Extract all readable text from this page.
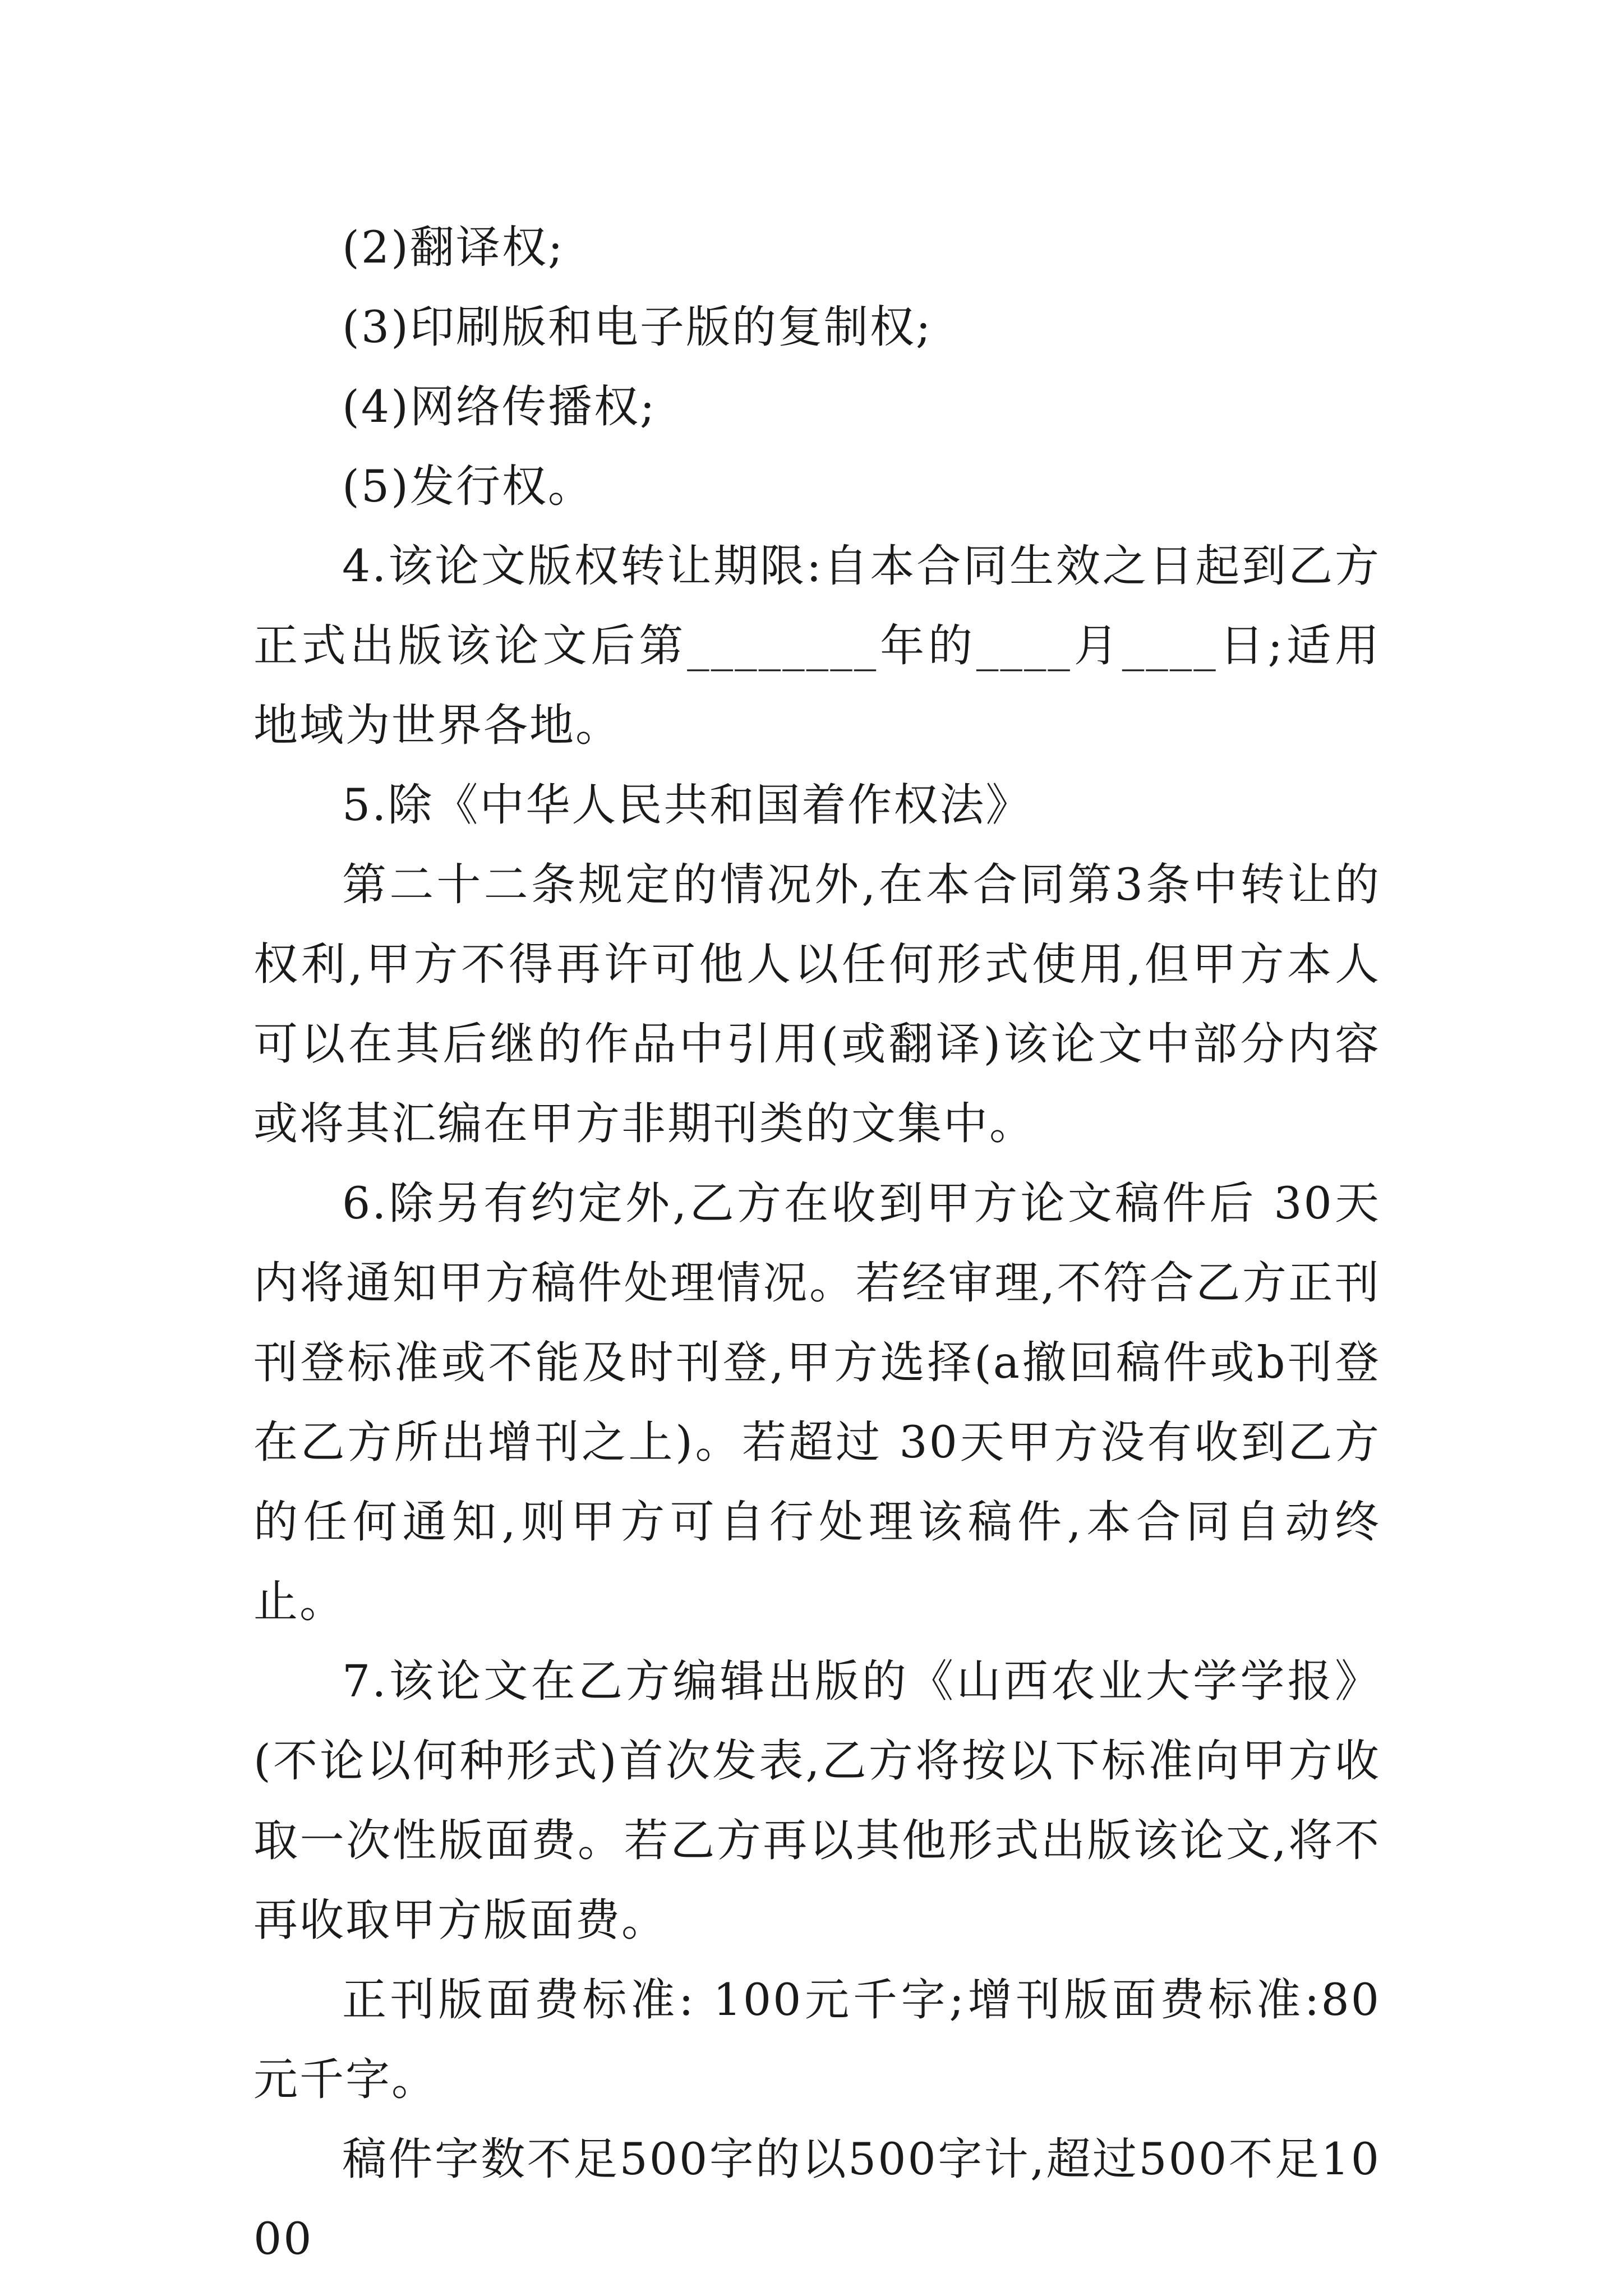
(2)翻译权;

(3)印刷版和电子版的复制权;

(4)网络传播权;

(5)发行权。

4.该论文版权转让期限:自本合同生效之日起到乙方正式出版该论文后第________年的____月____日;适用地域为世界各地。

5.除《中华人民共和国着作权法》

第二十二条规定的情况外,在本合同第3条中转让的权利,甲方不得再许可他人以任何形式使用,但甲方本人可以在其后继的作品中引用(或翻译)该论文中部分内容或将其汇编在甲方非期刊类的文集中。

6.除另有约定外,乙方在收到甲方论文稿件后 30天内将通知甲方稿件处理情况。若经审理,不符合乙方正刊刊登标准或不能及时刊登,甲方选择(a撤回稿件或b刊登在乙方所出增刊之上)。若超过 30天甲方没有收到乙方的任何通知,则甲方可自行处理该稿件,本合同自动终止。

7.该论文在乙方编辑出版的《山西农业大学学报》(不论以何种形式)首次发表,乙方将按以下标准向甲方收取一次性版面费。若乙方再以其他形式出版该论文,将不再收取甲方版面费。

正刊版面费标准: 100元千字;增刊版面费标准:80元千字。

稿件字数不足500字的以500字计,超过500不足1000
